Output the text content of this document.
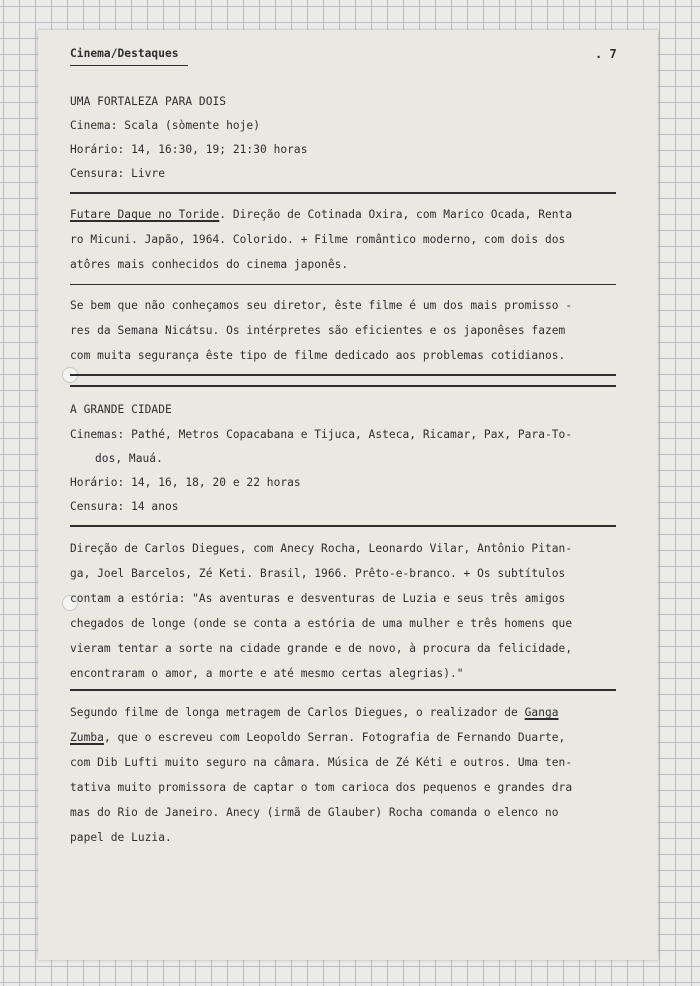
Cinema/Destaques	. 7
UMA FORTALEZA PARA DOIS
Cinema: Scala (sòmente hoje)
Horário: 14, 16:30, 19; 21:30 horas
Censura: Livre
Futare Daque no Toride. Direção de Cotinada Oxira, com Marico Ocada, Renta
ro Micuni. Japão, 1964. Colorido. + Filme romântico moderno, com dois dos
atôres mais conhecidos do cinema japonês.
Se bem que não conheçamos seu diretor, êste filme é um dos mais promisso -
res da Semana Nicátsu. Os intérpretes são eficientes e os japonêses fazem
com muita segurança êste tipo de filme dedicado aos problemas cotidianos.
A GRANDE CIDADE
Cinemas: Pathé, Metros Copacabana e Tijuca, Asteca, Ricamar, Pax, Para-To-
dos, Mauá.
Horário: 14, 16, 18, 20 e 22 horas
Censura: 14 anos
Direção de Carlos Diegues, com Anecy Rocha, Leonardo Vilar, Antônio Pitan-
ga, Joel Barcelos, Zé Keti. Brasil, 1966. Prêto-e-branco. + Os subtítulos
contam a estória: "As aventuras e desventuras de Luzia e seus três amigos
chegados de longe (onde se conta a estória de uma mulher e três homens que
vieram tentar a sorte na cidade grande e de novo, à procura da felicidade,
encontraram o amor, a morte e até mesmo certas alegrias)."
Segundo filme de longa metragem de Carlos Diegues, o realizador de Ganga
Zumba, que o escreveu com Leopoldo Serran. Fotografia de Fernando Duarte,
com Dib Lufti muito seguro na câmara. Música de Zé Kéti e outros. Uma ten-
tativa muito promissora de captar o tom carioca dos pequenos e grandes dra
mas do Rio de Janeiro. Anecy (irmã de Glauber) Rocha comanda o elenco no
papel de Luzia.
